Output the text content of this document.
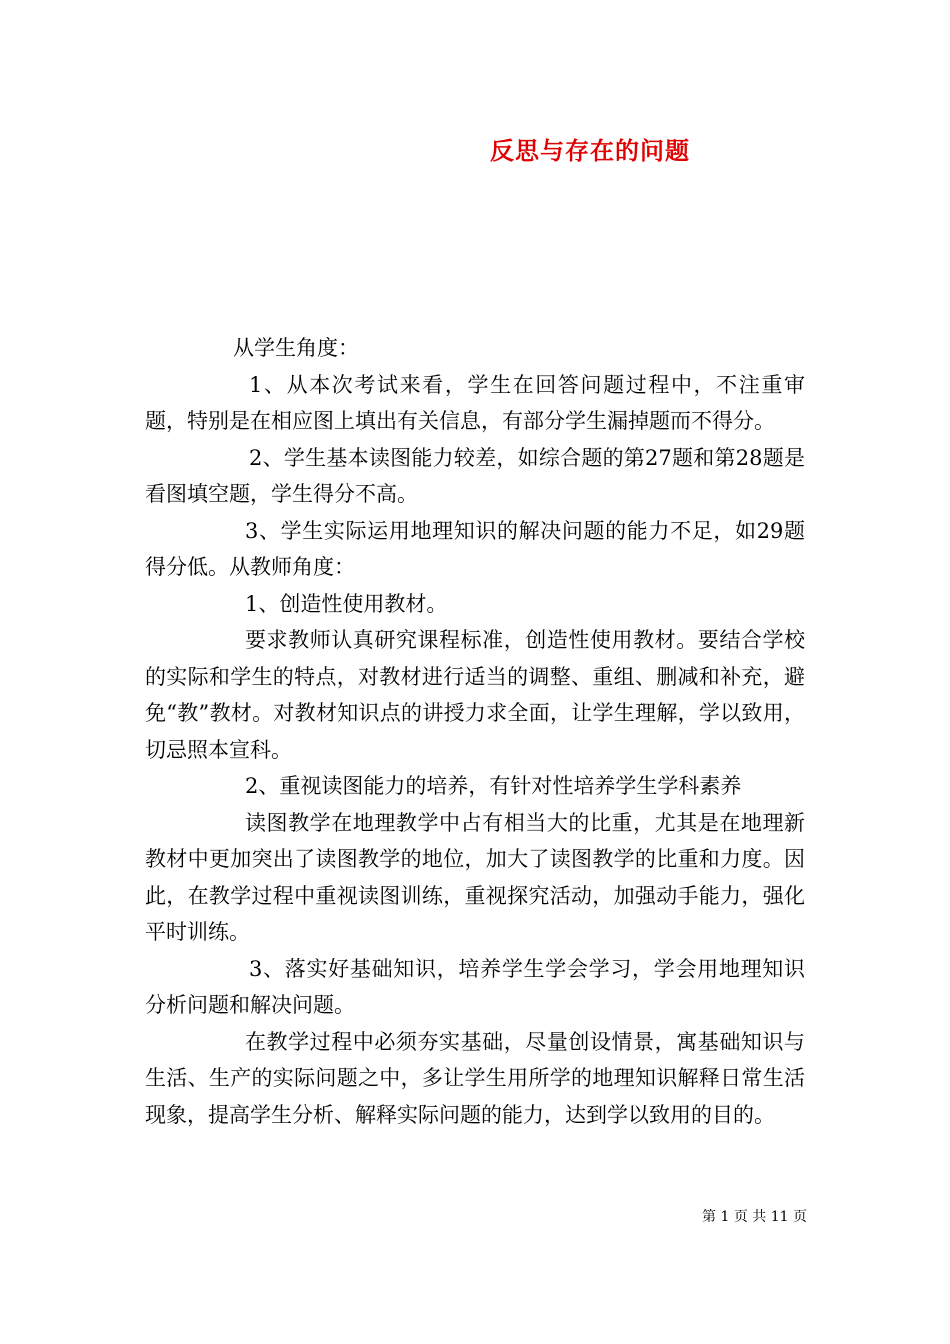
反思与存在的问题

从学生角度：

1、从本次考试来看，学生在回答问题过程中，不注重审题，特别是在相应图上填出有关信息，有部分学生漏掉题而不得分。

2、学生基本读图能力较差，如综合题的第27题和第28题是看图填空题，学生得分不高。

3、学生实际运用地理知识的解决问题的能力不足，如29题得分低。从教师角度：

1、创造性使用教材。

要求教师认真研究课程标准，创造性使用教材。要结合学校的实际和学生的特点，对教材进行适当的调整、重组、删减和补充，避免“教”教材。对教材知识点的讲授力求全面，让学生理解，学以致用，切忌照本宣科。

2、重视读图能力的培养，有针对性培养学生学科素养

读图教学在地理教学中占有相当大的比重，尤其是在地理新教材中更加突出了读图教学的地位，加大了读图教学的比重和力度。因此，在教学过程中重视读图训练，重视探究活动，加强动手能力，强化平时训练。

3、落实好基础知识，培养学生学会学习，学会用地理知识分析问题和解决问题。

在教学过程中必须夯实基础，尽量创设情景，寓基础知识与生活、生产的实际问题之中，多让学生用所学的地理知识解释日常生活现象，提高学生分析、解释实际问题的能力，达到学以致用的目的。

第 1 页 共 11 页
